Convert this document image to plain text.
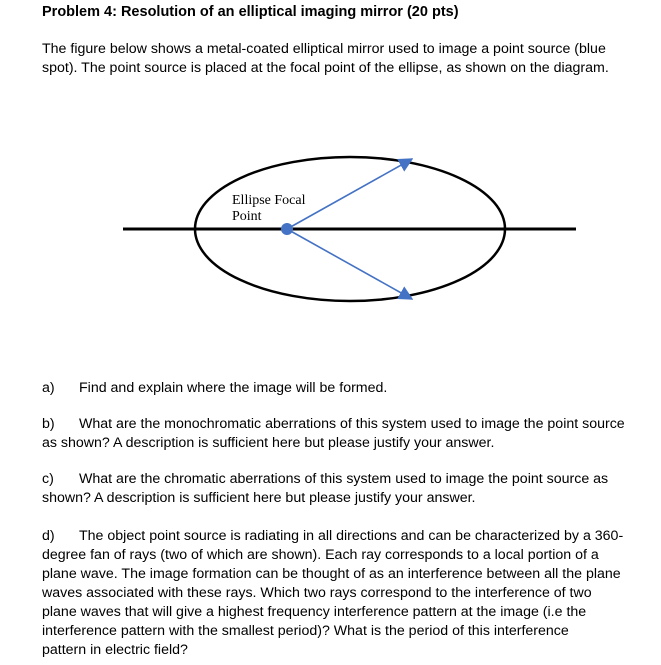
Problem 4: Resolution of an elliptical imaging mirror (20 pts)
The figure below shows a metal-coated elliptical mirror used to image a point source (blue
spot). The point source is placed at the focal point of the ellipse, as shown on the diagram.
Ellipse Focal
Point
a) Find and explain where the image will be formed.
b) What are the monochromatic aberrations of this system used to image the point source
as shown? A description is sufficient here but please justify your answer.
c) What are the chromatic aberrations of this system used to image the point source as
shown? A description is sufficient here but please justify your answer.
d) The object point source is radiating in all directions and can be characterized by a 360-
degree fan of rays (two of which are shown). Each ray corresponds to a local portion of a
plane wave. The image formation can be thought of as an interference between all the plane
waves associated with these rays. Which two rays correspond to the interference of two
plane waves that will give a highest frequency interference pattern at the image (i.e the
interference pattern with the smallest period)? What is the period of this interference
pattern in electric field?
